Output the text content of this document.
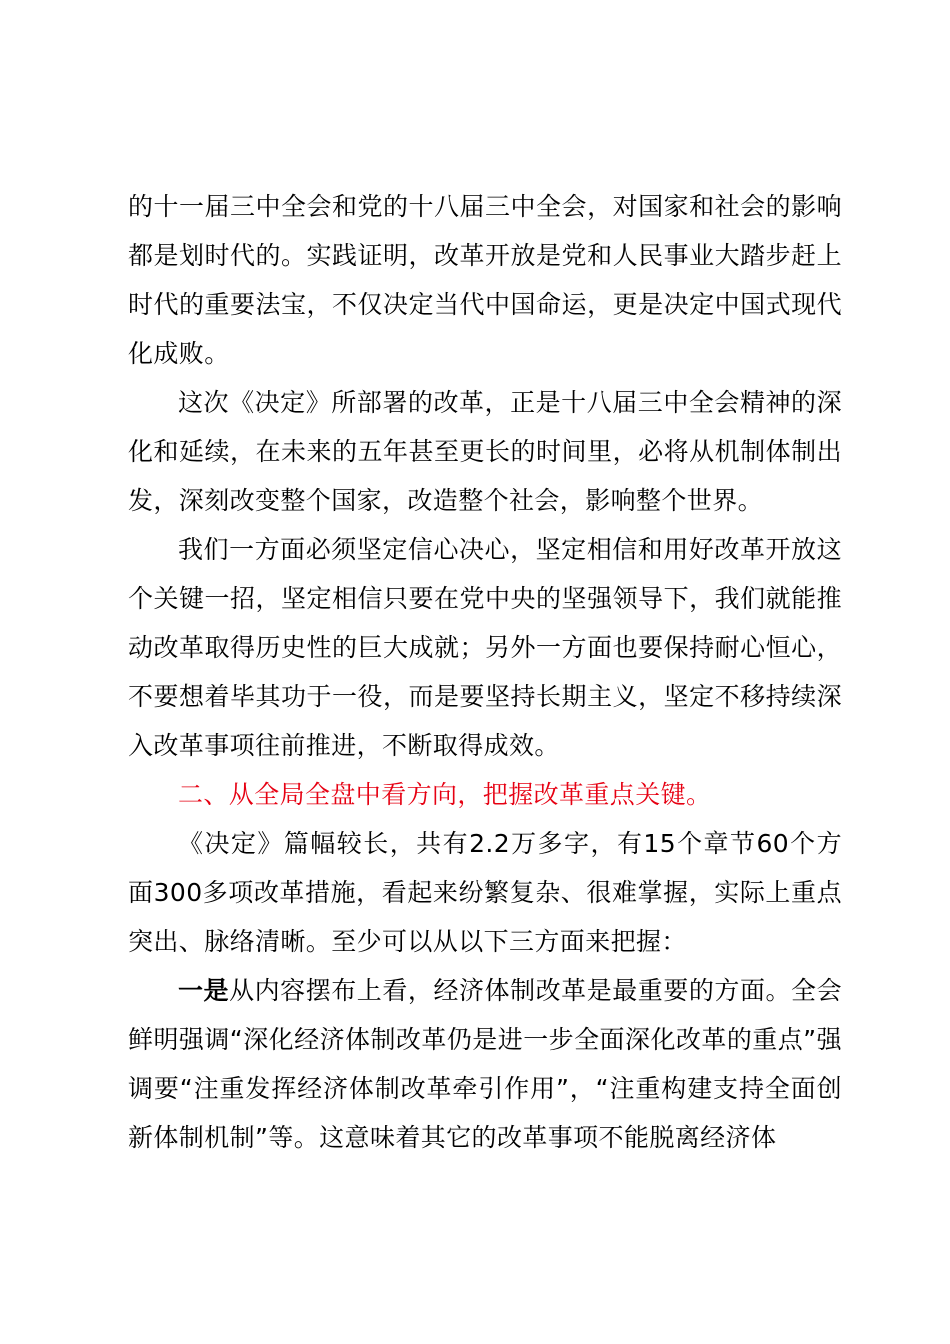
的十一届三中全会和党的十八届三中全会，对国家和社会的影响都是划时代的。实践证明，改革开放是党和人民事业大踏步赶上时代的重要法宝，不仅决定当代中国命运，更是决定中国式现代化成败。

这次《决定》所部署的改革，正是十八届三中全会精神的深化和延续，在未来的五年甚至更长的时间里，必将从机制体制出发，深刻改变整个国家，改造整个社会，影响整个世界。

我们一方面必须坚定信心决心，坚定相信和用好改革开放这个关键一招，坚定相信只要在党中央的坚强领导下，我们就能推动改革取得历史性的巨大成就；另外一方面也要保持耐心恒心，不要想着毕其功于一役，而是要坚持长期主义，坚定不移持续深入改革事项往前推进，不断取得成效。

二、从全局全盘中看方向，把握改革重点关键。

《决定》篇幅较长，共有2.2万多字，有15个章节60个方面300多项改革措施，看起来纷繁复杂、很难掌握，实际上重点突出、脉络清晰。至少可以从以下三方面来把握：

一是从内容摆布上看，经济体制改革是最重要的方面。全会鲜明强调“深化经济体制改革仍是进一步全面深化改革的重点”强调要“注重发挥经济体制改革牵引作用”，“注重构建支持全面创新体制机制”等。这意味着其它的改革事项不能脱离经济体
